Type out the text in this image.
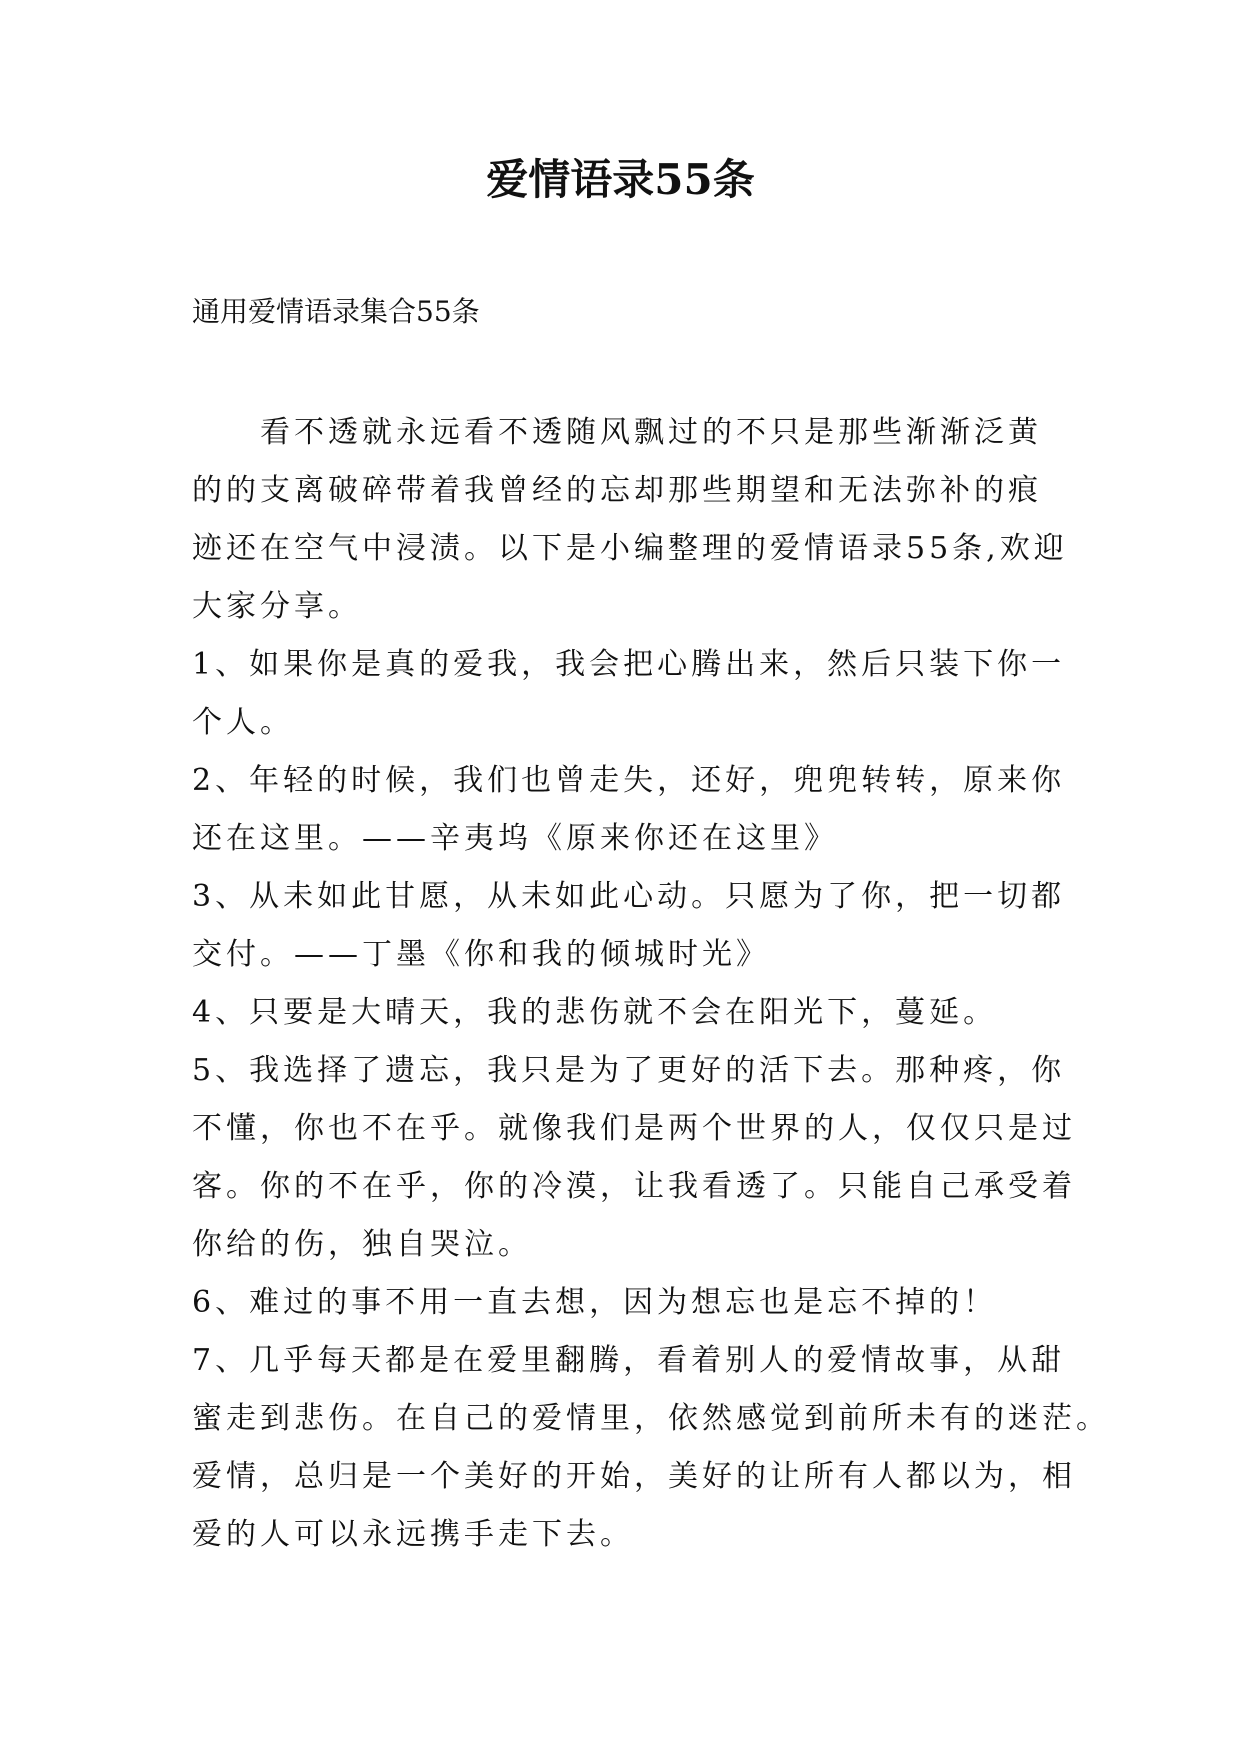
爱情语录55条
通用爱情语录集合55条
　　看不透就永远看不透随风飘过的不只是那些渐渐泛黄
的的支离破碎带着我曾经的忘却那些期望和无法弥补的痕
迹还在空气中浸渍。以下是小编整理的爱情语录55条,欢迎
大家分享。
1、如果你是真的爱我，我会把心腾出来，然后只装下你一
个人。
2、年轻的时候，我们也曾走失，还好，兜兜转转，原来你
还在这里。——辛夷坞《原来你还在这里》
3、从未如此甘愿，从未如此心动。只愿为了你，把一切都
交付。——丁墨《你和我的倾城时光》
4、只要是大晴天，我的悲伤就不会在阳光下，蔓延。
5、我选择了遗忘，我只是为了更好的活下去。那种疼，你
不懂，你也不在乎。就像我们是两个世界的人，仅仅只是过
客。你的不在乎，你的冷漠，让我看透了。只能自己承受着
你给的伤，独自哭泣。
6、难过的事不用一直去想，因为想忘也是忘不掉的！
7、几乎每天都是在爱里翻腾，看着别人的爱情故事，从甜
蜜走到悲伤。在自己的爱情里，依然感觉到前所未有的迷茫。
爱情，总归是一个美好的开始，美好的让所有人都以为，相
爱的人可以永远携手走下去。
